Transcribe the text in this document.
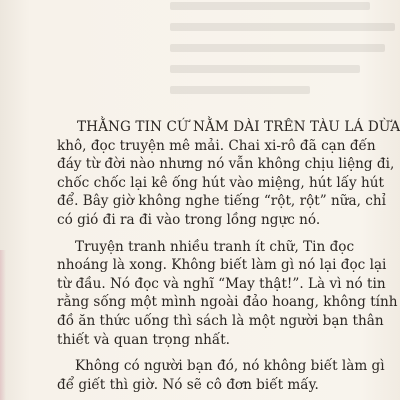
THẰNG TIN CỨ NẰM DÀI TRÊN TÀU LÁ DỪA
khô, đọc truyện mê mải. Chai xi-rô đã cạn đến
đáy từ đời nào nhưng nó vẫn không chịu liệng đi,
chốc chốc lại kê ống hút vào miệng, hút lấy hút
để. Bây giờ không nghe tiếng “rột, rột” nữa, chỉ
có gió đi ra đi vào trong lồng ngực nó.

Truyện tranh nhiều tranh ít chữ, Tin đọc
nhoáng là xong. Không biết làm gì nó lại đọc lại
từ đầu. Nó đọc và nghĩ “May thật!”. Là vì nó tin
rằng sống một mình ngoài đảo hoang, không tính
đồ ăn thức uống thì sách là một người bạn thân
thiết và quan trọng nhất.

Không có người bạn đó, nó không biết làm gì
để giết thì giờ. Nó sẽ cô đơn biết mấy.
